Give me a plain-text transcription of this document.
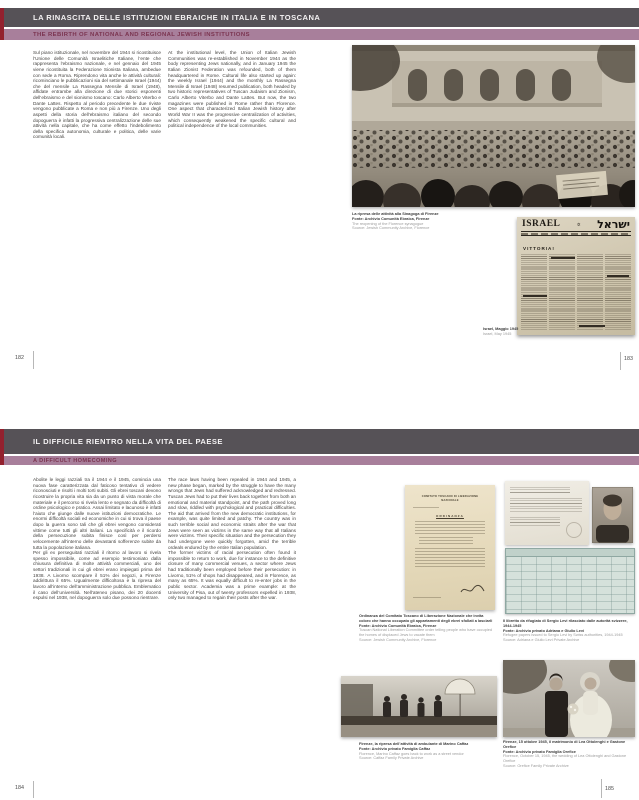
LA RINASCITA DELLE ISTITUZIONI EBRAICHE IN ITALIA E IN TOSCANA
THE REBIRTH OF NATIONAL AND REGIONAL JEWISH INSTITUTIONS

Sul piano istituzionale, nel novembre del 1944 si ricostituisce l’Unione delle Comunità Israelitiche Italiane, l’ente che rappresenta l’ebraismo nazionale, e nel gennaio del 1945 viene ricostituita la Federazione Sionista Italiana, ambedue con sede a Roma. Riprendono vita anche le attività culturali: ricominciano le pubblicazioni sia del settimanale Israel (1944) che del mensile La Rassegna Mensile di Israel (1948), affidate entrambe alla direzione di due storici esponenti dell’ebraismo e del sionismo toscano: Carlo Alberto Viterbo e Dante Lattes. Rispetto al periodo precedente le due riviste vengono pubblicate a Roma e non più a Firenze. Uno degli aspetti della storia dell’ebraismo italiano del secondo dopoguerra è infatti la progressiva centralizzazione delle sue attività nella capitale, che ha come effetto l’indebolimento della specifica autonomia, culturale e politica, delle varie comunità locali.

At the institutional level, the Union of Italian Jewish Communities was re-established in November 1944 as the body representing Jews nationally, and in January 1945 the Italian Zionist Federation was refounded, both of them headquartered in Rome. Cultural life also started up again: the weekly Israel (1944) and the monthly La Rassegna Mensile di Israel (1948) resumed publication, both headed by two historic representatives of Tuscan Judaism and Zionism, Carlo Alberto Viterbo and Dante Lattes. But now, the two magazines were published in Rome rather than Florence. One aspect that characterized Italian Jewish history after World War II was the progressive centralization of activities, which consequently weakened the specific cultural and political independence of the local communities.

La ripresa delle attività alla Sinagoga di Firenze
Fonte: Archivio Comunità Ebraica, Firenze
The reopening of the Florence synagogue
Source: Jewish Community Archive, Florence	ISRAEL	✡ ישראל
VITTORIA!
Israel, Maggio 1945
Israel, May 1945
182	183
IL DIFFICILE RIENTRO NELLA VITA DEL PAESE
A DIFFICULT HOMECOMING

Abolite le leggi razziali tra il 1944 e il 1945, comincia una nuova fase caratterizzata dal faticoso tentativo di vedere riconosciuti e risolti i molti torti subiti. Gli ebrei toscani devono ricostruire la propria vita sia da un punto di vista morale che materiale e il percorso si rivela lento e segnato da difficoltà di ordine psicologico e pratico. Assai limitato e lacunoso è infatti l’aiuto che giunge dalle nuove istituzioni democratiche. Le enormi difficoltà sociali ed economiche in cui si trova il paese dopo la guerra sono tali che gli ebrei vengono considerati vittime come tutti gli altri italiani. La specificità e il ricordo della persecuzione subita finisce così per perdersi velocemente all’interno delle devastanti sofferenze subite da tutta la popolazione italiana.

Per gli ex perseguitati razziali il ritorno al lavoro si rivela spesso impossibile, come ad esempio testimoniato dalla chiusura definitiva di molte attività commerciali, uno dei settori tradizionali in cui gli ebrei erano impiegati prima del 1938. A Livorno scompare il 51% dei negozi, a Firenze addirittura il 65%. Ugualmente difficoltosa è la ripresa del lavoro all’interno dell’amministrazione pubblica. Emblematico il caso dell’università. Nell’ateneo pisano, dei 20 docenti espulsi nel 1938, nel dopoguerra solo due possono rientrare.

The race laws having been repealed in 1944 and 1945, a new phase began, marked by the struggle to have the many wrongs that Jews had suffered acknowledged and redressed. Tuscan Jews had to put their lives back together from both an emotional and material standpoint, and the path proved long and slow, riddled with psychological and practical difficulties. The aid that arrived from the new democratic institutions, for example, was quite limited and patchy. The country was in such terrible social and economic straits after the war that Jews were seen as victims in the same way that all Italians were victims. Their specific situation and the persecution they had undergone were quickly forgotten, amid the terrible ordeals endured by the entire Italian population.

The former victims of racial persecution often found it impossible to return to work, due for instance to the definitive closure of many commercial venues, a sector where Jews had traditionally been employed before their persecution: in Livorno, 51% of shops had disappeared, and in Florence, as many as 65%. It was equally difficult to re-enter jobs in the public sector. Academia was a prime example: at the University of Pisa, out of twenty professors expelled in 1938, only two managed to regain their posts after the war.

COMITATO TOSCANO DI LIBERAZIONE NAZIONALE
ORDINANZA
Ordinanza del Comitato Toscano di Liberazione Nazionale che invita coloro che hanno occupato gli appartamenti degli ebrei sfollati a lasciarli
Fonte: Archivio Comunità Ebraica, Firenze
Tuscan National Liberation Committee order telling people who have occupied the homes of displaced Jews to vacate them
Source: Jewish Community Archive, Florence
Il libretto da rifugiato di Sergio Levi rilasciato dalle autorità svizzere, 1944-1945
Fonte: Archivio privato Adriana e Giulio Levi
Refugee papers issued to Sergio Levi by Swiss authorities, 1944-1945
Source: Adriana e Giulio Levi Private Archive
Firenze, la ripresa dell’attività di ambulante di Marino Caffaz
Fonte: Archivio privato Famiglia Caffaz
Florence, Marino Caffaz goes back to work as a street vendor
Source: Caffaz Family Private Archive
Firenze, 15 ottobre 1945, il matrimonio di Lea Ottolenghi e Gastone Orefice
Fonte: Archivio privato Famiglia Orefice
Florence, October 15, 1945, the wedding of Lea Ottolenghi and Gastone Orefice
Source: Orefice Family Private Archive
184	185
